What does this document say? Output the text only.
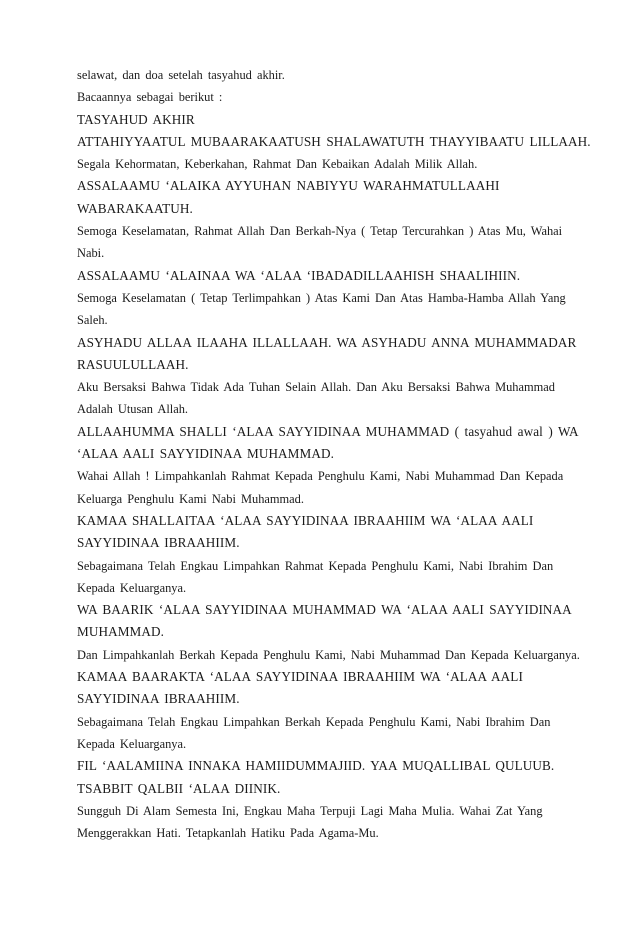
selawat, dan doa setelah tasyahud akhir.
Bacaannya sebagai berikut :
TASYAHUD AKHIR
ATTAHIYYAATUL MUBAARAKAATUSH SHALAWATUTH THAYYIBAATU LILLAAH.
Segala Kehormatan, Keberkahan, Rahmat Dan Kebaikan Adalah Milik Allah.
ASSALAAMU ‘ALAIKA AYYUHAN NABIYYU WARAHMATULLAAHI
WABARAKAATUH.
Semoga Keselamatan, Rahmat Allah Dan Berkah-Nya ( Tetap Tercurahkan ) Atas Mu, Wahai
Nabi.
ASSALAAMU ‘ALAINAA WA ‘ALAA ‘IBADADILLAAHISH SHAALIHIIN.
Semoga Keselamatan ( Tetap Terlimpahkan ) Atas Kami Dan Atas Hamba-Hamba Allah Yang
Saleh.
ASYHADU ALLAA ILAAHA ILLALLAAH. WA ASYHADU ANNA MUHAMMADAR
RASUULULLAAH.
Aku Bersaksi Bahwa Tidak Ada Tuhan Selain Allah. Dan Aku Bersaksi Bahwa Muhammad
Adalah Utusan Allah.
ALLAAHUMMA SHALLI ‘ALAA SAYYIDINAA MUHAMMAD ( tasyahud awal ) WA
‘ALAA AALI SAYYIDINAA MUHAMMAD.
Wahai Allah ! Limpahkanlah Rahmat Kepada Penghulu Kami, Nabi Muhammad Dan Kepada
Keluarga Penghulu Kami Nabi Muhammad.
KAMAA SHALLAITAA ‘ALAA SAYYIDINAA IBRAAHIIM WA ‘ALAA AALI
SAYYIDINAA IBRAAHIIM.
Sebagaimana Telah Engkau Limpahkan Rahmat Kepada Penghulu Kami, Nabi Ibrahim Dan
Kepada Keluarganya.
WA BAARIK ‘ALAA SAYYIDINAA MUHAMMAD WA ‘ALAA AALI SAYYIDINAA
MUHAMMAD.
Dan Limpahkanlah Berkah Kepada Penghulu Kami, Nabi Muhammad Dan Kepada Keluarganya.
KAMAA BAARAKTA ‘ALAA SAYYIDINAA IBRAAHIIM WA ‘ALAA AALI
SAYYIDINAA IBRAAHIIM.
Sebagaimana Telah Engkau Limpahkan Berkah Kepada Penghulu Kami, Nabi Ibrahim Dan
Kepada Keluarganya.
FIL ‘AALAMIINA INNAKA HAMIIDUMMAJIID. YAA MUQALLIBAL QULUUB.
TSABBIT QALBII ‘ALAA DIINIK.
Sungguh Di Alam Semesta Ini, Engkau Maha Terpuji Lagi Maha Mulia. Wahai Zat Yang
Menggerakkan Hati. Tetapkanlah Hatiku Pada Agama-Mu.
